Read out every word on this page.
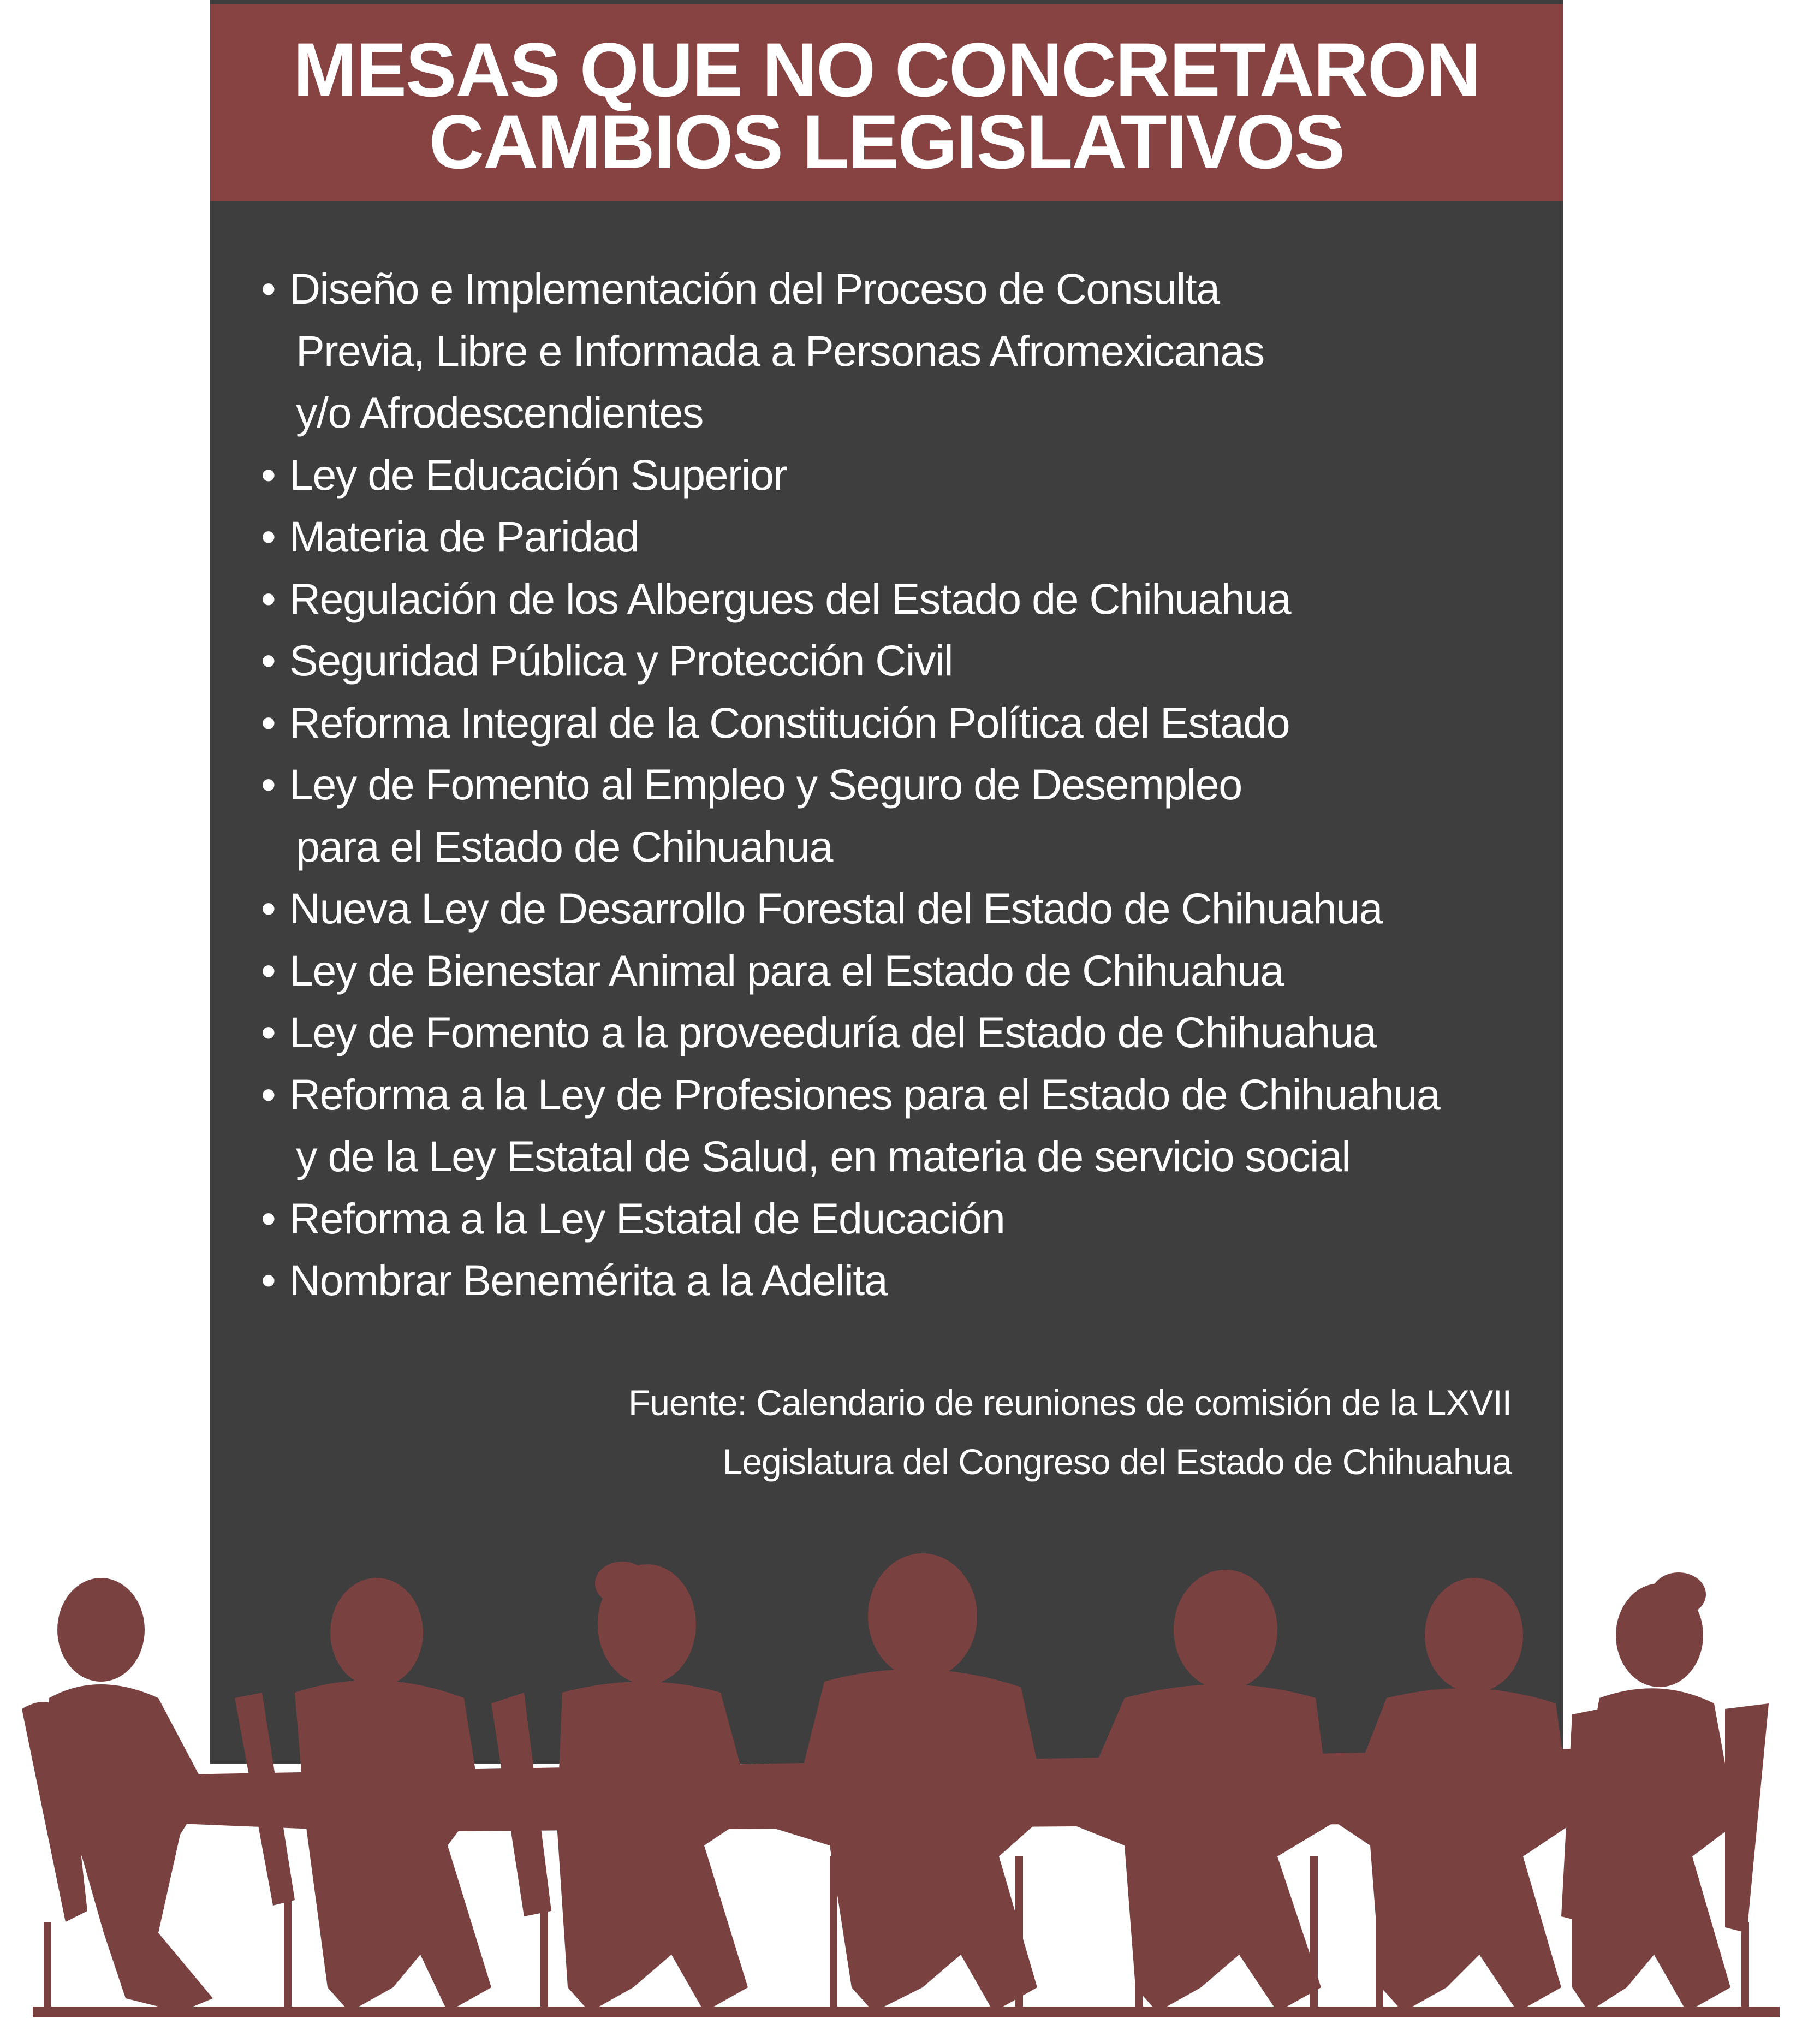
MESAS QUE NO CONCRETARON
CAMBIOS LEGISLATIVOS
• Diseño e Implementación del Proceso de Consulta
Previa, Libre e Informada a Personas Afromexicanas
y/o Afrodescendientes
• Ley de Educación Superior
• Materia de Paridad
• Regulación de los Albergues del Estado de Chihuahua
• Seguridad Pública y Protección Civil
• Reforma Integral de la Constitución Política del Estado
• Ley de Fomento al Empleo y Seguro de Desempleo
para el Estado de Chihuahua
• Nueva Ley de Desarrollo Forestal del Estado de Chihuahua
• Ley de Bienestar Animal para el Estado de Chihuahua
• Ley de Fomento a la proveeduría del Estado de Chihuahua
• Reforma a la Ley de Profesiones para el Estado de Chihuahua
y de la Ley Estatal de Salud, en materia de servicio social
• Reforma a la Ley Estatal de Educación
• Nombrar Benemérita a la Adelita
Fuente: Calendario de reuniones de comisión de la LXVII
Legislatura del Congreso del Estado de Chihuahua
